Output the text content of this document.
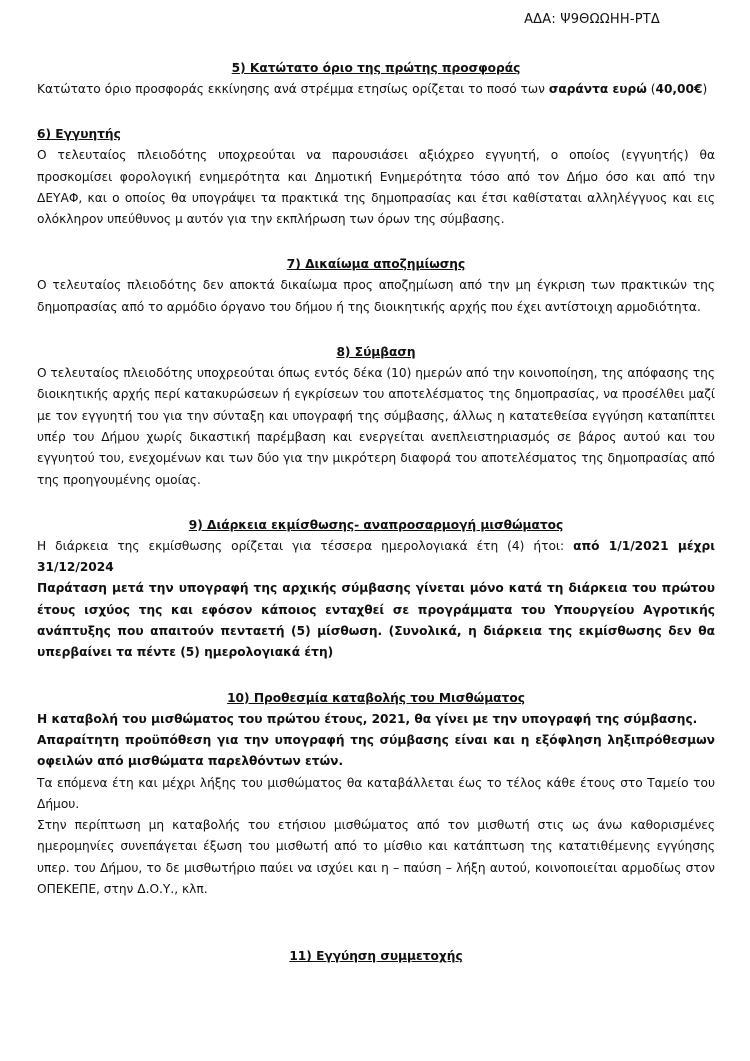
ΑΔΑ: Ψ9ΘΩΩΗΗ-ΡΤΔ
5) Κατώτατο όριο της πρώτης προσφοράς

Κατώτατο όριο προσφοράς εκκίνησης ανά στρέμμα ετησίως ορίζεται το ποσό των σαράντα ευρώ (40,00€)

6) Εγγυητής

Ο τελευταίος πλειοδότης υποχρεούται να παρουσιάσει αξιόχρεο εγγυητή, ο οποίος (εγγυητής) θα προσκομίσει φορολογική ενημερότητα και Δημοτική Ενημερότητα τόσο από τον Δήμο όσο και από την ΔΕΥΑΦ, και ο οποίος θα υπογράψει τα πρακτικά της δημοπρασίας και έτσι καθίσταται αλληλέγγυος και εις ολόκληρον υπεύθυνος μ αυτόν για την εκπλήρωση των όρων της σύμβασης.

7) Δικαίωμα αποζημίωσης

Ο τελευταίος πλειοδότης δεν αποκτά δικαίωμα προς αποζημίωση από την μη έγκριση των πρακτικών της δημοπρασίας από το αρμόδιο όργανο του δήμου ή της διοικητικής αρχής που έχει αντίστοιχη αρμοδιότητα.

8) Σύμβαση

Ο τελευταίος πλειοδότης υποχρεούται όπως εντός δέκα (10) ημερών από την κοινοποίηση, της απόφασης της διοικητικής αρχής περί κατακυρώσεων ή εγκρίσεων του αποτελέσματος της δημοπρασίας, να προσέλθει μαζί με τον εγγυητή του για την σύνταξη και υπογραφή της σύμβασης, άλλως η κατατεθείσα εγγύηση καταπίπτει υπέρ του Δήμου χωρίς δικαστική παρέμβαση και ενεργείται ανεπλειστηριασμός σε βάρος αυτού και του εγγυητού του, ενεχομένων και των δύο για την μικρότερη διαφορά του αποτελέσματος της δημοπρασίας από της προηγουμένης ομοίας.

9) Διάρκεια εκμίσθωσης- αναπροσαρμογή μισθώματος

Η διάρκεια της εκμίσθωσης ορίζεται για τέσσερα ημερολογιακά έτη (4) ήτοι: από 1/1/2021 μέχρι 31/12/2024

Παράταση μετά την υπογραφή της αρχικής σύμβασης γίνεται μόνο κατά τη διάρκεια του πρώτου έτους ισχύος της και εφόσον κάποιος ενταχθεί σε προγράμματα του Υπουργείου Αγροτικής ανάπτυξης που απαιτούν πενταετή (5) μίσθωση. (Συνολικά, η διάρκεια της εκμίσθωσης δεν θα υπερβαίνει τα πέντε (5) ημερολογιακά έτη)

10) Προθεσμία καταβολής του Μισθώματος

Η καταβολή του μισθώματος του πρώτου έτους, 2021, θα γίνει με την υπογραφή της σύμβασης.

Απαραίτητη προϋπόθεση για την υπογραφή της σύμβασης είναι και η εξόφληση ληξιπρόθεσμων οφειλών από μισθώματα παρελθόντων ετών.

Τα επόμενα έτη και μέχρι λήξης του μισθώματος θα καταβάλλεται έως το τέλος κάθε έτους στο Ταμείο του Δήμου.

Στην περίπτωση μη καταβολής του ετήσιου μισθώματος από τον μισθωτή στις ως άνω καθορισμένες ημερομηνίες συνεπάγεται έξωση του μισθωτή από το μίσθιο και κατάπτωση της κατατιθέμενης εγγύησης υπερ. του Δήμου, το δε μισθωτήριο παύει να ισχύει και η – παύση – λήξη αυτού, κοινοποιείται αρμοδίως στον ΟΠΕΚΕΠΕ, στην Δ.Ο.Υ., κλπ.

11) Εγγύηση συμμετοχής
